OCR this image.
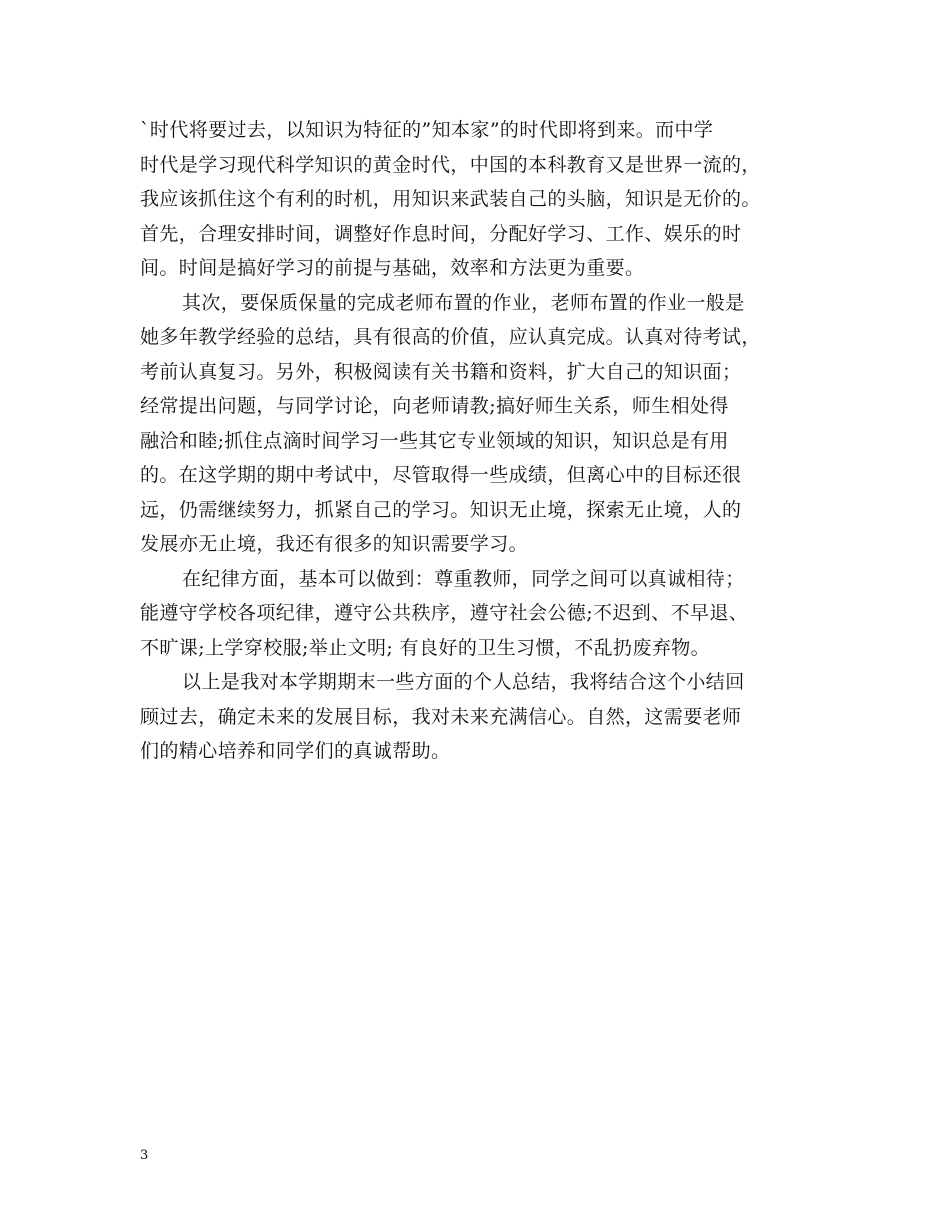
`时代将要过去，以知识为特征的”知本家”的时代即将到来。而中学
时代是学习现代科学知识的黄金时代，中国的本科教育又是世界一流的，
我应该抓住这个有利的时机，用知识来武装自己的头脑，知识是无价的。
首先，合理安排时间，调整好作息时间，分配好学习、工作、娱乐的时
间。时间是搞好学习的前提与基础，效率和方法更为重要。
其次，要保质保量的完成老师布置的作业，老师布置的作业一般是
她多年教学经验的总结，具有很高的价值，应认真完成。认真对待考试，
考前认真复习。另外，积极阅读有关书籍和资料，扩大自己的知识面；
经常提出问题，与同学讨论，向老师请教;搞好师生关系，师生相处得
融洽和睦;抓住点滴时间学习一些其它专业领域的知识，知识总是有用
的。在这学期的期中考试中，尽管取得一些成绩，但离心中的目标还很
远，仍需继续努力，抓紧自己的学习。知识无止境，探索无止境，人的
发展亦无止境，我还有很多的知识需要学习。
在纪律方面，基本可以做到：尊重教师，同学之间可以真诚相待；
能遵守学校各项纪律，遵守公共秩序，遵守社会公德;不迟到、不早退、
不旷课;上学穿校服;举止文明; 有良好的卫生习惯，不乱扔废弃物。
以上是我对本学期期末一些方面的个人总结，我将结合这个小结回
顾过去，确定未来的发展目标，我对未来充满信心。自然，这需要老师
们的精心培养和同学们的真诚帮助。
3
